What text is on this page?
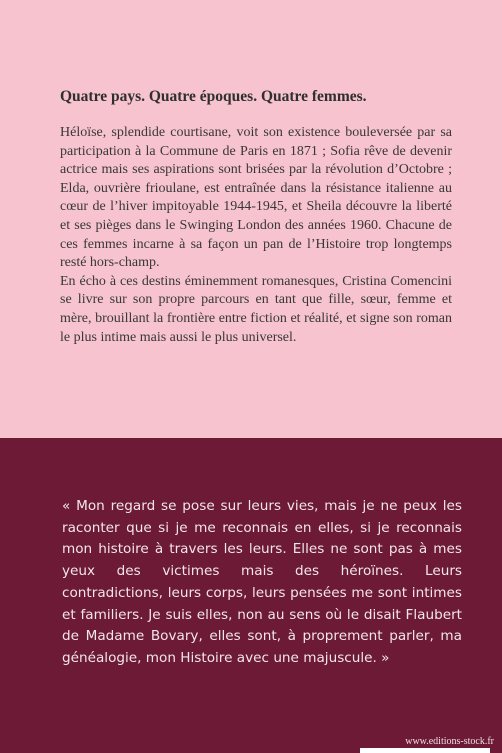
Quatre pays. Quatre époques. Quatre femmes.

Héloïse, splendide courtisane, voit son existence bouleversée par sa participation à la Commune de Paris en 1871 ; Sofia rêve de devenir actrice mais ses aspirations sont brisées par la révolution d’Octobre ; Elda, ouvrière frioulane, est entraînée dans la résistance italienne au cœur de l’hiver impitoyable 1944-1945, et Sheila découvre la liberté et ses pièges dans le Swinging London des années 1960. Chacune de ces femmes incarne à sa façon un pan de l’Histoire trop longtemps resté hors-champ.

En écho à ces destins éminemment romanesques, Cristina Comencini se livre sur son propre parcours en tant que fille, sœur, femme et mère, brouillant la frontière entre fiction et réalité, et signe son roman le plus intime mais aussi le plus universel.

« Mon regard se pose sur leurs vies, mais je ne peux les raconter que si je me reconnais en elles, si je reconnais mon histoire à travers les leurs. Elles ne sont pas à mes yeux des victimes mais des héroïnes. Leurs contradictions, leurs corps, leurs pensées me sont intimes et familiers. Je suis elles, non au sens où le disait Flaubert de Madame Bovary, elles sont, à proprement parler, ma généalogie, mon Histoire avec une majuscule. »

www.editions-stock.fr
